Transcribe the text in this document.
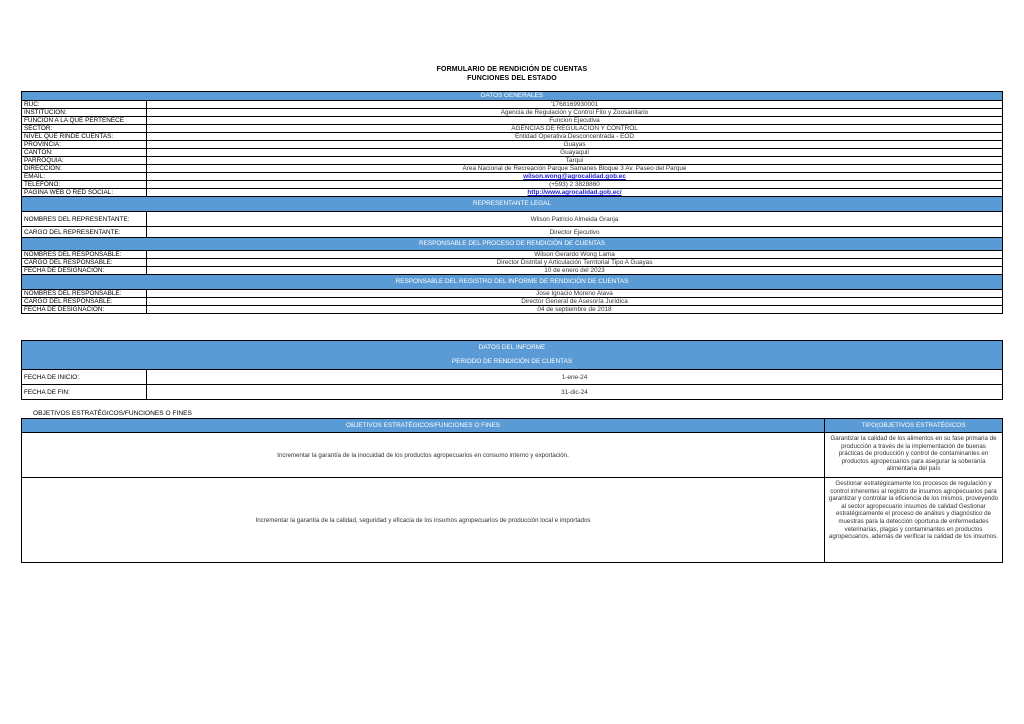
FORMULARIO DE RENDICIÓN DE CUENTAS
FUNCIONES DEL ESTADO
DATOS GENERALES	
RUC:	'1768169930001
INSTITUCIÓN:	Agencia de Regulación y Control Fito y Zoosanitario
FUNCIÓN A LA QUE PERTENECE	Funcion Ejecutiva
SECTOR:	AGENCIAS DE REGULACION Y CONTROL
NIVEL QUE RINDE CUENTAS:	Entidad Operativa Desconcentrada - EOD
PROVINCIA:	Guayas
CANTÓN:	Guayaquil
PARROQUIA:	Tarqui
DIRECCIÓN:	Area Nacional de Recreación Parque Samanes Bloque 3 Av. Paseo del Parque
EMAIL:	wilson.wong@agrocalidad.gob.ec
TELÉFONO:	(+593) 2 3828860
PÁGINA WEB O RED SOCIAL:	http://www.agrocalidad.gob.ec/
REPRESENTANTE LEGAL	
NOMBRES DEL REPRESENTANTE:	Wilson Patricio Almeida Granja
CARGO DEL REPRESENTANTE:	Director Ejecutivo
RESPONSABLE DEL PROCESO DE RENDICIÓN DE CUENTAS	
NOMBRES DEL RESPONSABLE:	Wilson Gerardo Wong Lama
CARGO DEL RESPONSABLE:	Director Distrital y Articulación Territorial Tipo A Guayas
FECHA DE DESIGNACIÓN:	10 de enero del 2023
RESPONSABLE DEL REGISTRO DEL INFORME DE RENDICIÓN DE CUENTAS	
NOMBRES DEL RESPONSABLE:	Jose Ignacio Moreno Alava
CARGO DEL RESPONSABLE:	Director General de Asesoría Jurídica
FECHA DE DESIGNACIÓN:	04 de septiembre de 2018
DATOS DEL INFORME	
PERIODO DE RENDICIÓN DE CUENTAS	
FECHA DE INICIO:	1-ene-24
FECHA DE FIN:	31-dic-24
OBJETIVOS ESTRATÉGICOS/FUNCIONES O FINES
OBJETIVOS ESTRATÉGICOS/FUNCIONES O FINES	TIPO(OBJETIVOS ESTRATÉGICOS
Incrementar la garantía de la inocuidad de los productos agropecuarios en consumo interno y exportación.	Garantizar la calidad de los alimentos en su fase primaria de producción a través de la implementación de buenas prácticas de producción y control de contaminantes en productos agropecuarios para asegurar la soberanía alimentaria del país
Incrementar la garantía de la calidad, seguridad y eficacia de los insumos agropecuarios de producción local e importados	Gestionar estratégicamente los procesos de regulación y control inherentes al registro de insumos agropecuarios para garantizar y controlar la eficiencia de los mismos, proveyendo al sector agropecuario insumos de calidad Gestionar estratégicamente el proceso de análisis y diagnóstico de muestras para la detección oportuna de enfermedades veterinarias, plagas y contaminantes en productos agropecuarios, además de verificar la calidad de los insumos.
